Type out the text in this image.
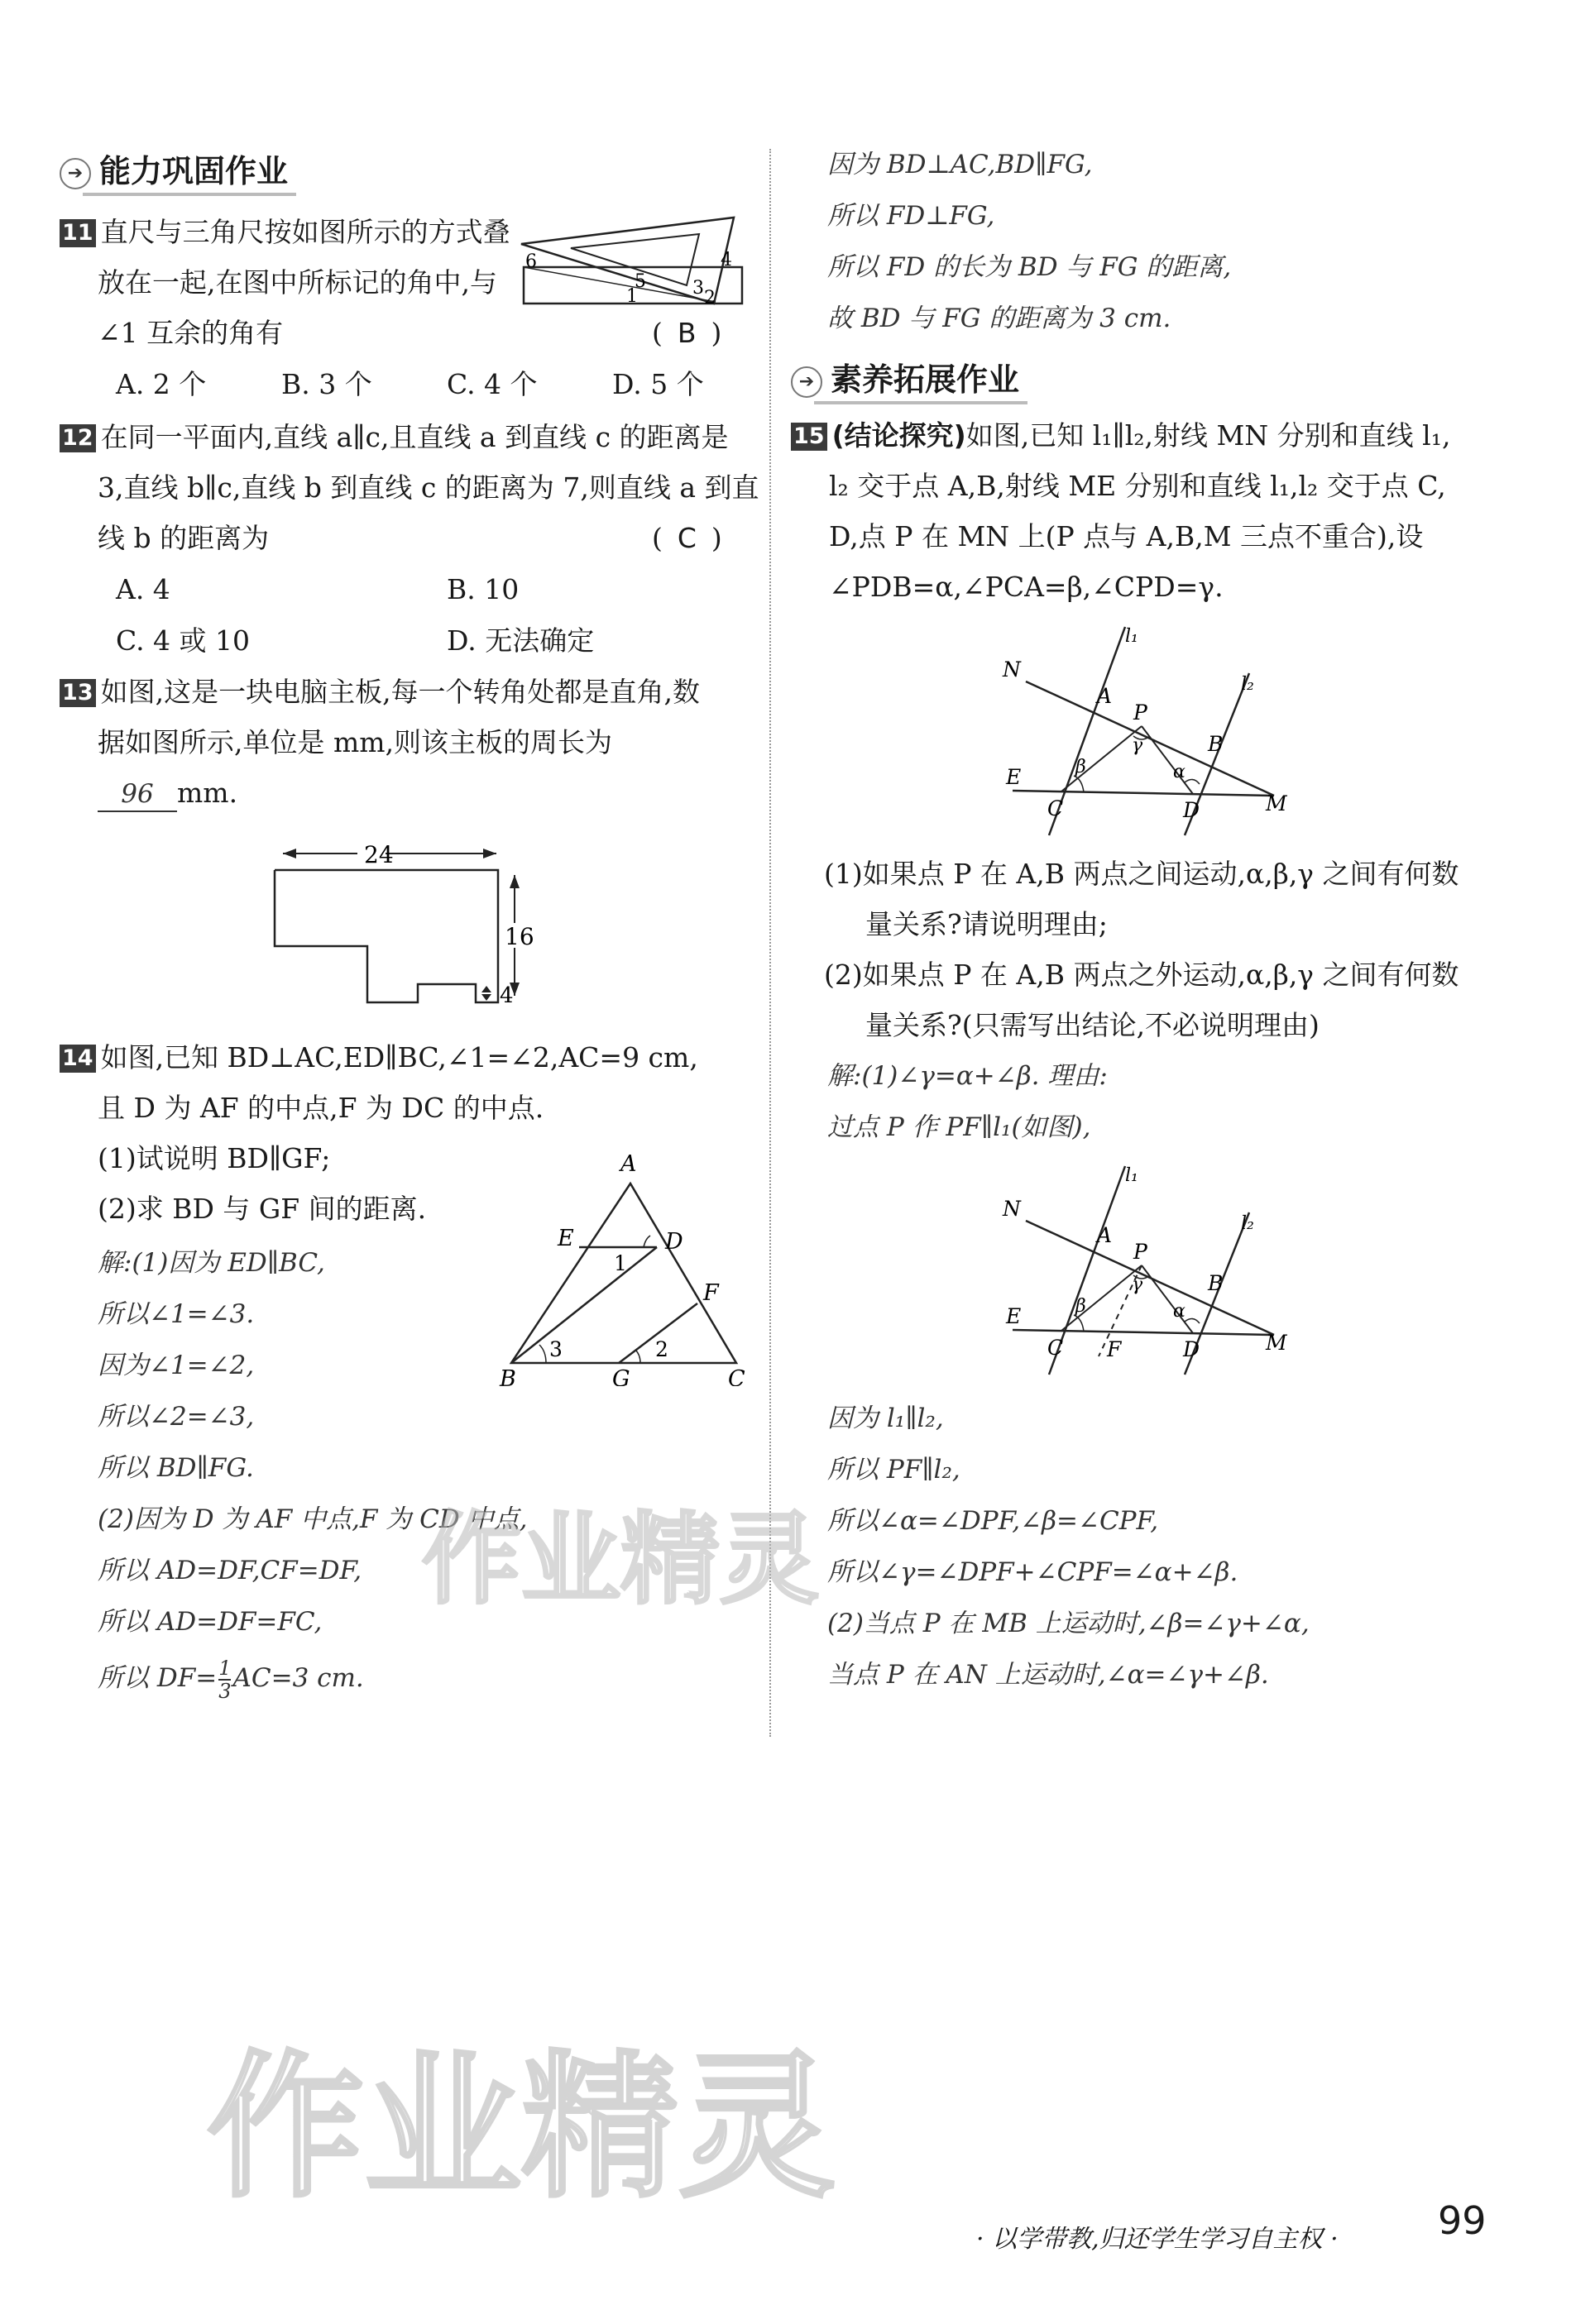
➔ 能力巩固作业
11 直尺与三角尺按如图所示的方式叠
放在一起,在图中所标记的角中,与
∠1 互余的角有	( B )
A. 2 个	B. 3 个	C. 4 个	D. 5 个
6
5	3
4
1	2
12 在同一平面内,直线 a∥c,且直线 a 到直线 c 的距离是
3,直线 b∥c,直线 b 到直线 c 的距离为 7,则直线 a 到直
线 b 的距离为	( C )
A. 4	B. 10
C. 4 或 10	D. 无法确定
13 如图,这是一块电脑主板,每一个转角处都是直角,数
据如图所示,单位是 mm,则该主板的周长为
96 mm.
24
16
4
14 如图,已知 BD⊥AC,ED∥BC,∠1=∠2,AC=9 cm,
且 D 为 AF 的中点,F 为 DC 的中点.
(1)试说明 BD∥GF;
(2)求 BD 与 GF 间的距离.
解:(1)因为 ED∥BC,
所以∠1=∠3.
因为∠1=∠2,
所以∠2=∠3,
所以 BD∥FG.
(2)因为 D 为 AF 中点,F 为 CD 中点,
所以 AD=DF,CF=DF,
所以 AD=DF=FC,
所以 $DF= \frac{1}{3} AC=3$ cm.
A
E	D
1
F
3	2
B	G	C
因为 BD⊥AC,BD∥FG,
所以 FD⊥FG,
所以 FD 的长为 BD 与 FG 的距离,
故 BD 与 FG 的距离为 3 cm.
➔ 素养拓展作业
15 (结论探究)如图,已知 l₁∥l₂,射线 MN 分别和直线 l₁,
l₂ 交于点 A,B,射线 ME 分别和直线 l₁,l₂ 交于点 C,
D,点 P 在 MN 上(P 点与 A,B,M 三点不重合),设
∠PDB=α,∠PCA=β,∠CPD=γ.
l₁
l₂
N
A
P
γ	B
β	α
E
C	D	M
(1)如果点 P 在 A,B 两点之间运动,α,β,γ 之间有何数
量关系?请说明理由;
(2)如果点 P 在 A,B 两点之外运动,α,β,γ 之间有何数
量关系?(只需写出结论,不必说明理由)
解:(1)∠γ=α+∠β. 理由:
过点 P 作 PF∥l₁(如图),
l₁
l₂
N
A
P
γ	B
β	α
E
C F	D	M
因为 l₁∥l₂,
所以 PF∥l₂,
所以∠α=∠DPF,∠β=∠CPF,
所以∠γ=∠DPF+∠CPF=∠α+∠β.
(2)当点 P 在 MB 上运动时,∠β=∠γ+∠α,
当点 P 在 AN 上运动时,∠α=∠γ+∠β.
作业精灵
作业精灵
· 以学带教,归还学生学习自主权 ·	99
